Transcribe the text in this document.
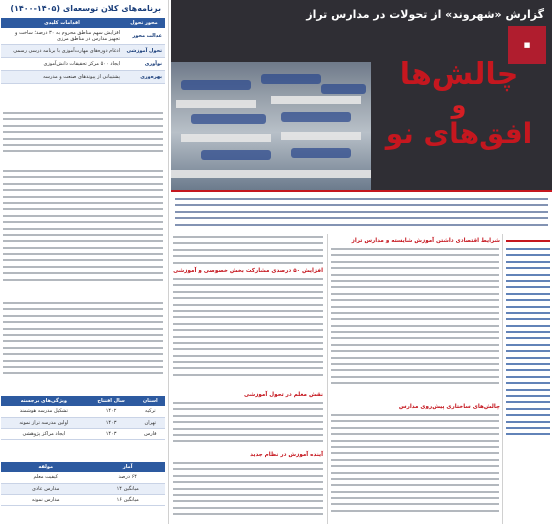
گزارش «شهروند» از تحولات در مدارس تراز
■
چالش‌ها
و
افق‌های نو
برنامه‌های کلان توسعه‌ای (۱۴۰۵-۱۴۰۰)
محور تحول	اقدامات کلیدی
عدالت محور	افزایش سهم مناطق محروم به ۳۰ درصد؛ ساخت و تجهیز مدارس در مناطق مرزی
تحول آموزشی	ادغام دوره‌های مهارت‌آموزی با برنامه درسی رسمی
نوآوری	ایجاد ۵۰۰ مرکز تحقیقات دانش‌آموزی
بهره‌وری	پشتیبانی از پیوندهای صنعت و مدرسه
استان	سال افتتاح	ویژگی‌های برجسته
ترکیه	۱۴۰۲	تشکیل مدرسه هوشمند
تهران	۱۴۰۳	اولین مدرسه تراز نمونه
فارس	۱۴۰۳	ایجاد مراکز پژوهشی
آمار	مولفه
۶۴ درصد	کیفیت معلم
میانگین ۱۴	مدارس عادی
میانگین ۱۶	مدارس نمونه
افزایش ۵۰ درصدی مشارکت بخش خصوصی و آموزشی
نقش معلم در تحول آموزشی
آینده آموزش در نظام جدید
شرایط اقتصادی داشتن آموزش شایسته و مدارس تراز
چالش‌های ساختاری پیش‌روی مدارس
